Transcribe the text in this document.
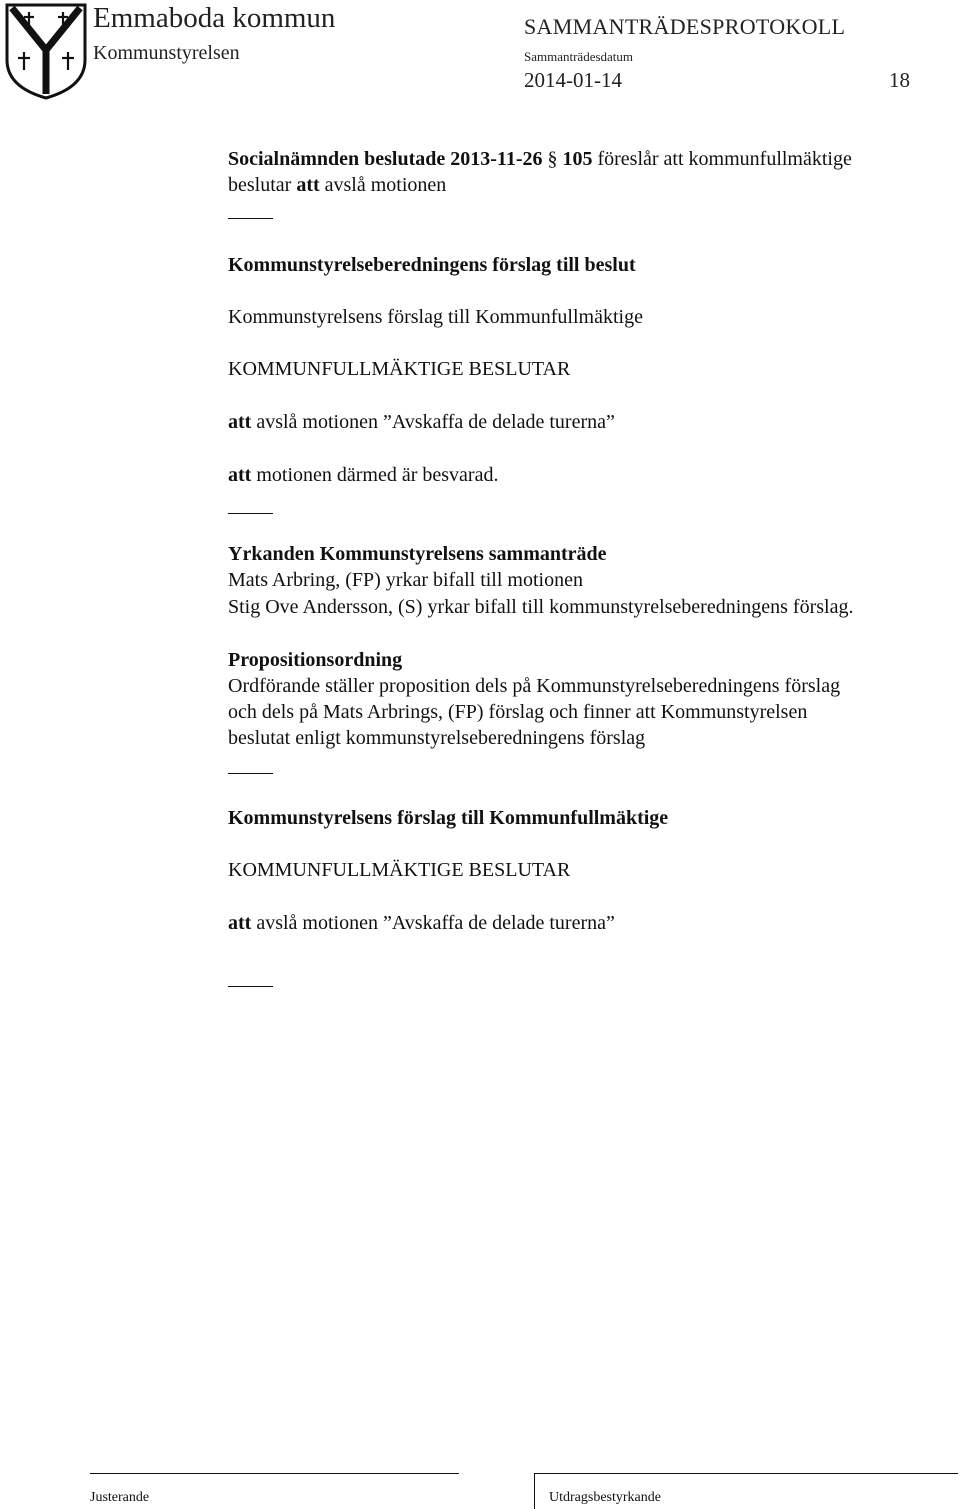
Emmaboda kommun
Kommunstyrelsen
SAMMANTRÄDESPROTOKOLL
Sammanträdesdatum
2014-01-14	18
Socialnämnden beslutade 2013-11-26 § 105 föreslår att kommunfullmäktige
beslutar att avslå motionen
Kommunstyrelseberedningens förslag till beslut
Kommunstyrelsens förslag till Kommunfullmäktige
KOMMUNFULLMÄKTIGE BESLUTAR
att avslå motionen ”Avskaffa de delade turerna”
att motionen därmed är besvarad.
Yrkanden Kommunstyrelsens sammanträde
Mats Arbring, (FP) yrkar bifall till motionen
Stig Ove Andersson, (S) yrkar bifall till kommunstyrelseberedningens förslag.
Propositionsordning
Ordförande ställer proposition dels på Kommunstyrelseberedningens förslag
och dels på Mats Arbrings, (FP) förslag och finner att Kommunstyrelsen
beslutat enligt kommunstyrelseberedningens förslag
Kommunstyrelsens förslag till Kommunfullmäktige
KOMMUNFULLMÄKTIGE BESLUTAR
att avslå motionen ”Avskaffa de delade turerna”
Justerande	Utdragsbestyrkande
